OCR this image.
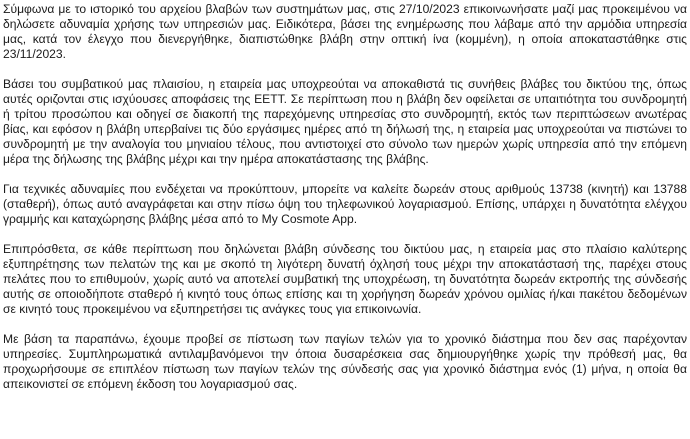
Σύμφωνα με το ιστορικό του αρχείου βλαβών των συστημάτων μας, στις 27/10/2023 επικοινωνήσατε μαζί μας προκειμένου να δηλώσετε αδυναμία χρήσης των υπηρεσιών μας. Ειδικότερα, βάσει της ενημέρωσης που λάβαμε από την αρμόδια υπηρεσία μας, κατά τον έλεγχο που διενεργήθηκε, διαπιστώθηκε βλάβη στην οπτική ίνα (κομμένη), η οποία αποκαταστάθηκε στις 23/11/2023.

Βάσει του συμβατικού μας πλαισίου, η εταιρεία μας υποχρεούται να αποκαθιστά τις συνήθεις βλάβες του δικτύου της, όπως αυτές οριζονται στις ισχύουσες αποφάσεις της ΕΕΤΤ. Σε περίπτωση που η βλάβη δεν οφείλεται σε υπαιτιότητα του συνδρομητή ή τρίτου προσώπου και οδηγεί σε διακοπή της παρεχόμενης υπηρεσίας στο συνδρομητή, εκτός των περιπτώσεων ανωτέρας βίας, και εφόσον η βλάβη υπερβαίνει τις δύο εργάσιμες ημέρες από τη δήλωσή της, η εταιρεία μας υποχρεούται να πιστώνει το συνδρομητή με την αναλογία του μηνιαίου τέλους, που αντιστοιχεί στο σύνολο των ημερών χωρίς υπηρεσία από την επόμενη μέρα της δήλωσης της βλάβης μέχρι και την ημέρα αποκατάστασης της βλάβης.

Για τεχνικές αδυναμίες που ενδέχεται να προκύπτουν, μπορείτε να καλείτε δωρεάν στους αριθμούς 13738 (κινητή) και 13788 (σταθερή), όπως αυτό αναγράφεται και στην πίσω όψη του τηλεφωνικού λογαριασμού. Επίσης, υπάρχει η δυνατότητα ελέγχου γραμμής και καταχώρησης βλάβης μέσα από το My Cosmote App.

Επιπρόσθετα, σε κάθε περίπτωση που δηλώνεται βλάβη σύνδεσης του δικτύου μας, η εταιρεία μας στο πλαίσιο καλύτερης εξυπηρέτησης των πελατών της και με σκοπό τη λιγότερη δυνατή όχλησή τους μέχρι την αποκατάστασή της, παρέχει στους πελάτες που το επιθυμούν, χωρίς αυτό να αποτελεί συμβατική της υποχρέωση, τη δυνατότητα δωρεάν εκτροπής της σύνδεσής αυτής σε οποιοδήποτε σταθερό ή κινητό τους όπως επίσης και τη χορήγηση δωρεάν χρόνου ομιλίας ή/και πακέτου δεδομένων σε κινητό τους προκειμένου να εξυπηρετήσει τις ανάγκες τους για επικοινωνία.

Με βάση τα παραπάνω, έχουμε προβεί σε πίστωση των παγίων τελών για το χρονικό διάστημα που δεν σας παρέχονταν υπηρεσίες. Συμπληρωματικά αντιλαμβανόμενοι την όποια δυσαρέσκεια σας δημιουργήθηκε χωρίς την πρόθεσή μας, θα προχωρήσουμε σε επιπλέον πίστωση των παγίων τελών της σύνδεσής σας για χρονικό διάστημα ενός (1) μήνα, η οποία θα απεικονιστεί σε επόμενη έκδοση του λογαριασμού σας.
